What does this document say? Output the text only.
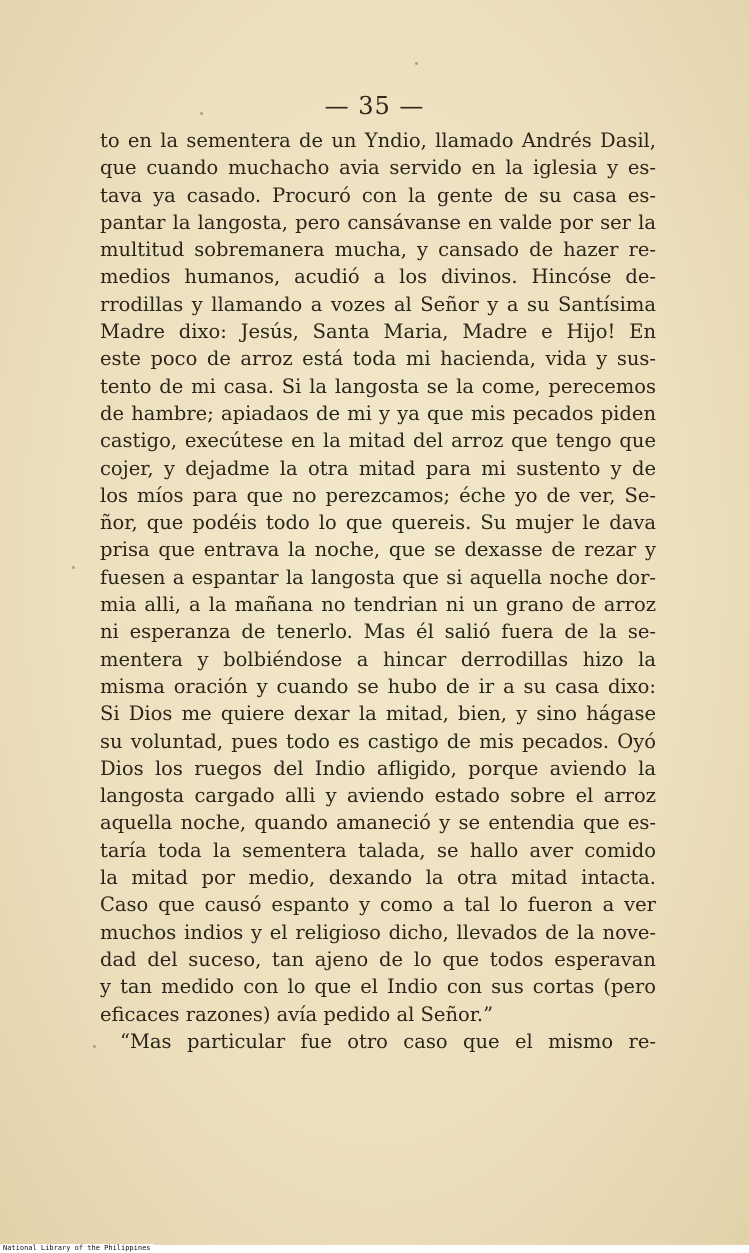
— 35 —
to en la sementera de un Yndio, llamado Andrés Dasil,
que cuando muchacho avia servido en la iglesia y es-
tava ya casado. Procuró con la gente de su casa es-
pantar la langosta, pero cansávanse en valde por ser la
multitud sobremanera mucha, y cansado de hazer re-
medios humanos, acudió a los divinos. Hincóse de-
rrodillas y llamando a vozes al Señor y a su Santísima
Madre dixo: Jesús, Santa Maria, Madre e Hijo! En
este poco de arroz está toda mi hacienda, vida y sus-
tento de mi casa. Si la langosta se la come, perecemos
de hambre; apiadaos de mi y ya que mis pecados piden
castigo, execútese en la mitad del arroz que tengo que
cojer, y dejadme la otra mitad para mi sustento y de
los míos para que no perezcamos; éche yo de ver, Se-
ñor, que podéis todo lo que quereis. Su mujer le dava
prisa que entrava la noche, que se dexasse de rezar y
fuesen a espantar la langosta que si aquella noche dor-
mia alli, a la mañana no tendrian ni un grano de arroz
ni esperanza de tenerlo. Mas él salió fuera de la se-
mentera y bolbiéndose a hincar derrodillas hizo la
misma oración y cuando se hubo de ir a su casa dixo:
Si Dios me quiere dexar la mitad, bien, y sino hágase
su voluntad, pues todo es castigo de mis pecados. Oyó
Dios los ruegos del Indio afligido, porque aviendo la
langosta cargado alli y aviendo estado sobre el arroz
aquella noche, quando amaneció y se entendia que es-
taría toda la sementera talada, se hallo aver comido
la mitad por medio, dexando la otra mitad intacta.
Caso que causó espanto y como a tal lo fueron a ver
muchos indios y el religioso dicho, llevados de la nove-
dad del suceso, tan ajeno de lo que todos esperavan
y tan medido con lo que el Indio con sus cortas (pero
eficaces razones) avía pedido al Señor.”
“Mas particular fue otro caso que el mismo re-
National Library of the Philippines
